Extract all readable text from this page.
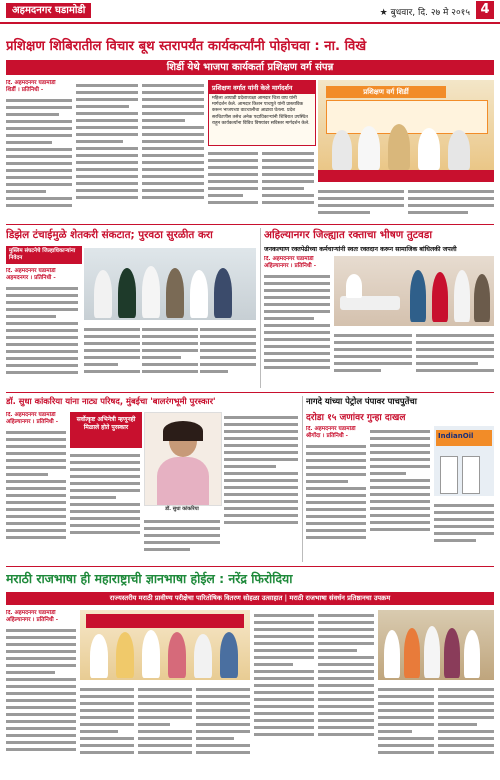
अहमदनगर घडामोडी	★ बुधवार, दि. २७ मे २०१५ 4
प्रशिक्षण शिबिरातील विचार बूथ स्तरापर्यंत कार्यकर्त्यांनी पोहोचवा : ना. विखे
शिर्डी येथे भाजपा कार्यकर्ता प्रशिक्षण वर्ग संपन्न
दि. अहमदनगर घडामोडी
शिर्डी । प्रतिनिधी -	प्रशिक्षण वर्गात यांनी केले मार्गदर्शन
महिला आघाडी प्रदेशाध्यक्षा आमदार चित्रा वाघ यांनी मार्गदर्शन केले. आमदार किशन पाचपुते यांनी प्रास्ताविक करून भाजपच्या वाटचालीचा आढावा घेतला. प्रदेश सरचिटणीस तसेच अनेक पदाधिकाऱ्यांनी शिबिरात उपस्थित राहून कार्यकर्त्यांना विविध विषयांवर सविस्तर मार्गदर्शन केले.
प्रशिक्षण वर्ग शिर्डी
डिझेल टंचाईमुळे शेतकरी संकटात; पुरवठा सुरळीत करा
मुस्लिम संघटनेचे जिल्हाधिकाऱ्यांना निवेदन
दि. अहमदनगर घडामोडी
अहमदनगर । प्रतिनिधी -
अहिल्यानगर जिल्ह्यात रक्ताचा भीषण तुटवडा
जनकल्याण रक्तपेढीच्या कर्मचाऱ्यांनी स्वतः रक्तदान करून सामाजिक बांधिलकी जपली
दि. अहमदनगर घडामोडी
अहिल्यानगर । प्रतिनिधी -
डॉ. सुधा कांकरिया यांना नाट्य परिषद, मुंबईचा 'बालरंगभूमी पुरस्कार'
दि. अहमदनगर घडामोडी
अहिल्यानगर । प्रतिनिधी -	सर्वोत्कृष्ट अभिनेत्री म्हणूनही मिळाले होते पुरस्कार
डॉ. सुधा कांकरिया
नागदे यांच्या पेट्रोल पंपावर पाचपुतेंचा
दरोडा १५ जणांवर गुन्हा दाखल
दि. अहमदनगर घडामोडी
श्रीगोंदा । प्रतिनिधी -	IndianOil
मराठी राजभाषा ही महाराष्ट्राची ज्ञानभाषा होईल : नरेंद्र फिरोदिया
राज्यस्तरीय मराठी प्रावीण्य परीक्षेचा पारितोषिक वितरण सोहळा उत्साहात | मराठी राजभाषा संवर्धन प्रतिष्ठानचा उपक्रम
दि. अहमदनगर घडामोडी
अहिल्यानगर । प्रतिनिधी -
